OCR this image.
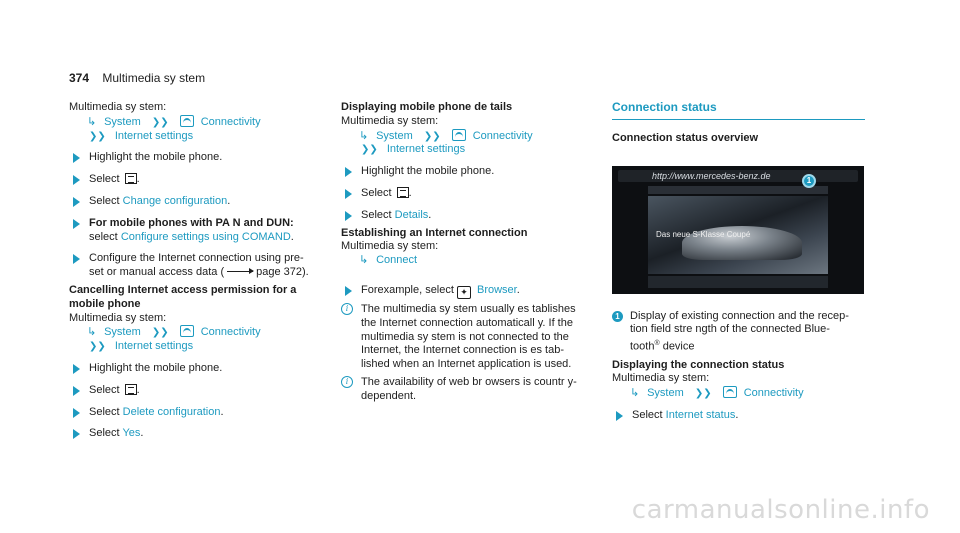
374 Multimedia sy stem
Multimedia sy stem:
↳ System ❯❯	Connectivity
❯❯ Internet settings
Highlight the mobile phone.
Select .
Select Change configuration.
For mobile phones with PA N and DUN:
select Configure settings using COMAND.
Configure the Internet connection using pre‐
set or manual access data (	page 372).
Cancelling Internet access permission for a
mobile phone
Multimedia sy stem:
↳ System ❯❯	Connectivity
❯❯ Internet settings
Highlight the mobile phone.
Select .
Select Delete configuration.
Select Yes.
Displaying mobile phone de tails
Multimedia sy stem:
↳ System ❯❯	Connectivity
❯❯ Internet settings
Highlight the mobile phone.
Select .
Select Details.
Establishing an Internet connection
Multimedia sy stem:
↳ Connect
Forexample, select ✦ Browser.
i	The multimedia sy stem usually es tablishes
the Internet connection automaticall y. If the
multimedia sy stem is not connected to the
Internet, the Internet connection is es tab‐
lished when an Internet application is used.
i	The availability of web br owsers is countr y‐
dependent.
Connection status
Connection status overview
http://www.mercedes-benz.de
Das neue S-Klasse Coupé
1
1 Display of existing connection and the recep‐
tion field stre ngth of the connected Blue‐
tooth® device
Displaying the connection status
Multimedia sy stem:
↳ System ❯❯	Connectivity
Select Internet status.
carmanualsonline.info
